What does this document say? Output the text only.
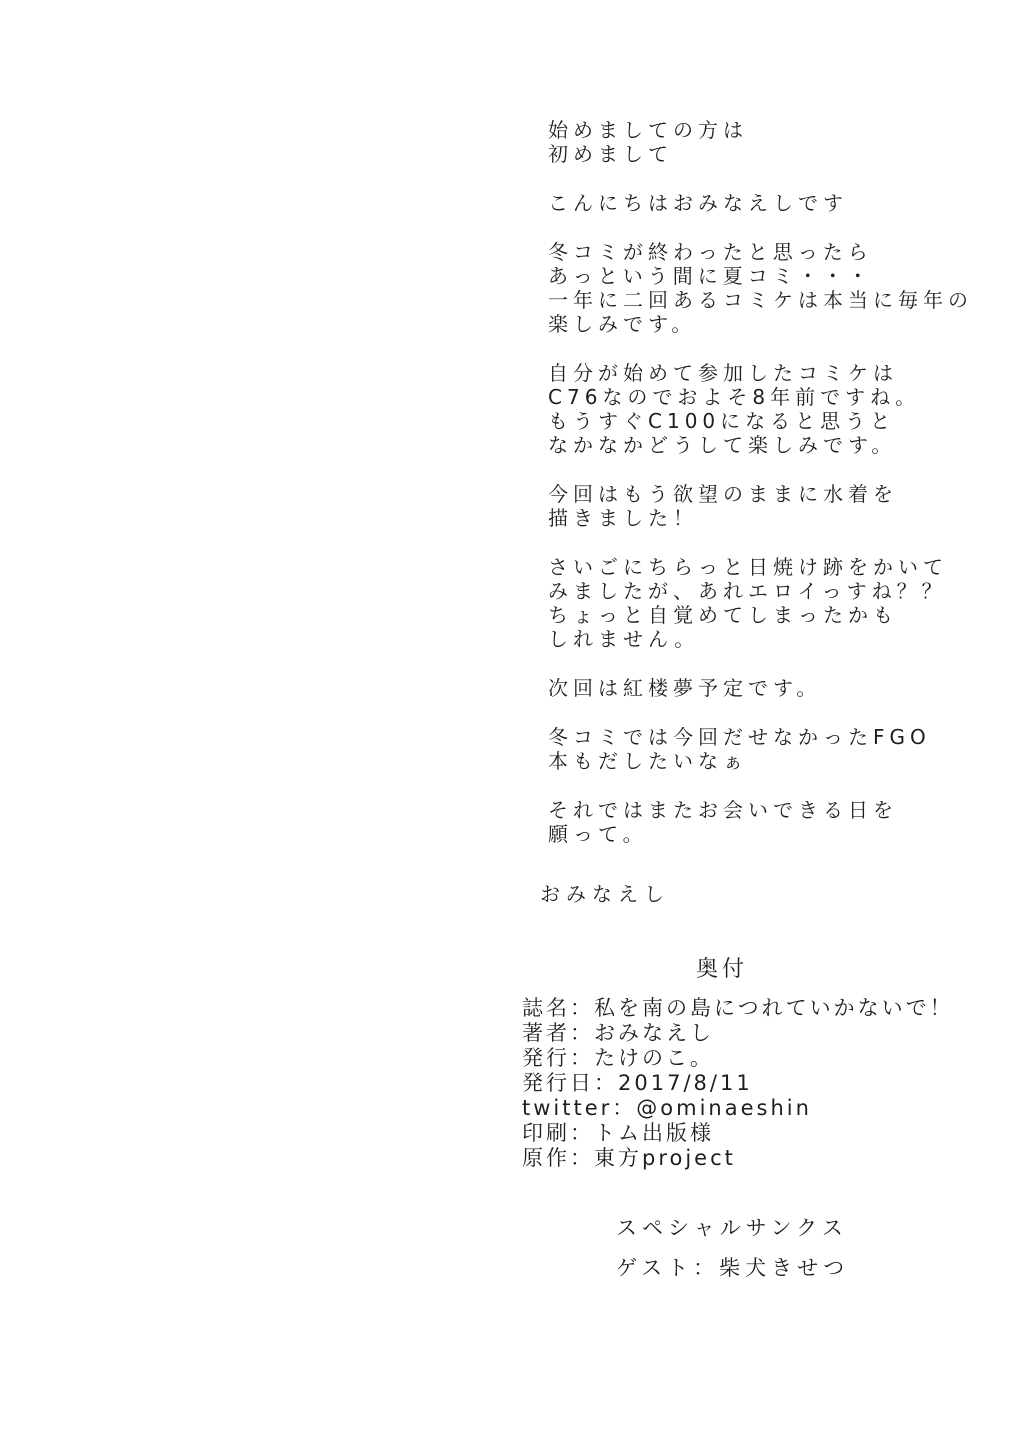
始めましての方は
初めまして
こんにちはおみなえしです
冬コミが終わったと思ったら
あっという間に夏コミ・・・
一年に二回あるコミケは本当に毎年の
楽しみです。
自分が始めて参加したコミケは
C76なのでおよそ8年前ですね。
もうすぐC100になると思うと
なかなかどうして楽しみです。
今回はもう欲望のままに水着を
描きました！
さいごにちらっと日焼け跡をかいて
みましたが、あれエロイっすね？？
ちょっと自覚めてしまったかも
しれません。
次回は紅楼夢予定です。
冬コミでは今回だせなかったFGO
本もだしたいなぁ
それではまたお会いできる日を
願って。
おみなえし
奥付
誌名 ： 私を南の島につれていかないで！
著者 ： おみなえし
発行 ： たけのこ。
発行日 ： 2017/8/11
twitter ： @ominaeshin
印刷 ： トム出版様
原作 ： 東方project
スペシャルサンクス
ゲスト：柴犬きせつ
